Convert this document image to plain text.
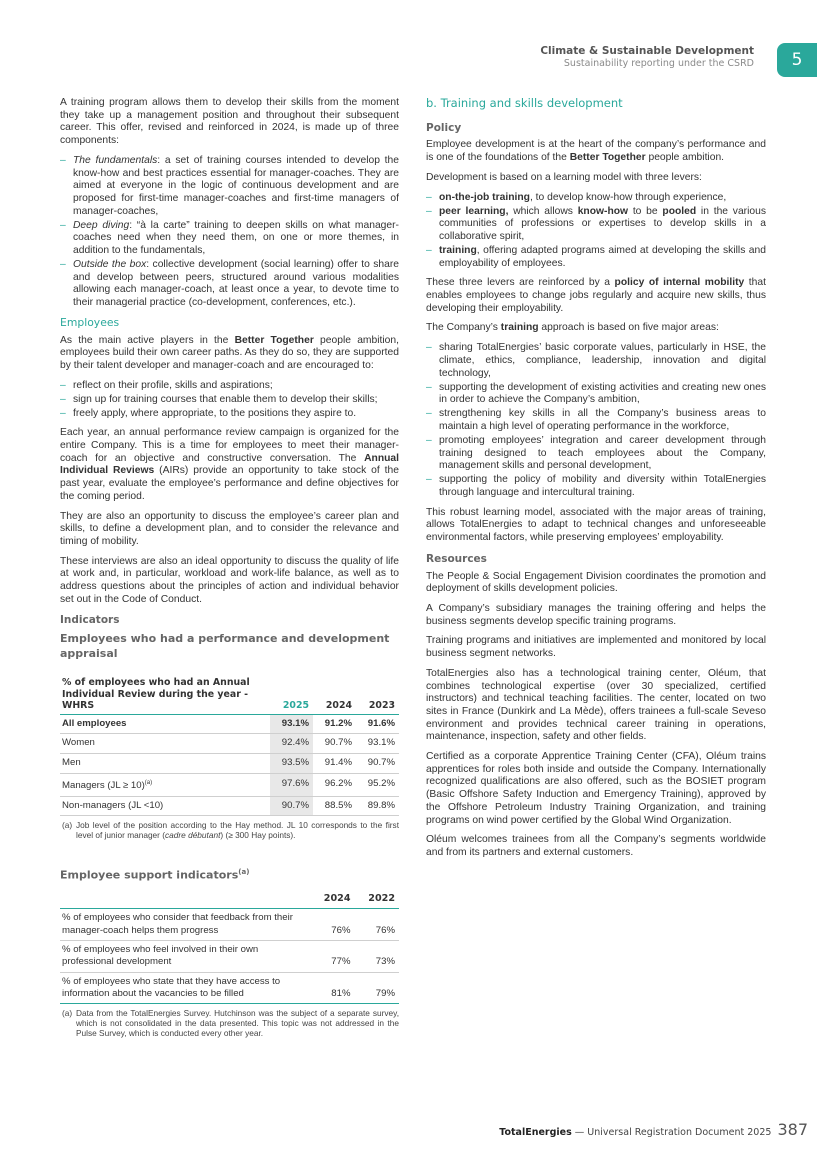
Climate & Sustainable Development
Sustainability reporting under the CSRD	5

A training program allows them to develop their skills from the moment they take up a management position and throughout their subsequent career. This offer, revised and reinforced in 2024, is made up of three components:

– The fundamentals: a set of training courses intended to develop the know-how and best practices essential for manager-coaches. They are aimed at everyone in the logic of continuous development and are proposed for first-time manager-coaches and first-time managers of manager-coaches,
– Deep diving: “à la carte” training to deepen skills on what manager-coaches need when they need them, on one or more themes, in addition to the fundamentals,
– Outside the box: collective development (social learning) offer to share and develop between peers, structured around various modalities allowing each manager-coach, at least once a year, to devote time to their managerial practice (co-development, conferences, etc.).
Employees

As the main active players in the Better Together people ambition, employees build their own career paths. As they do so, they are supported by their talent developer and manager-coach and are encouraged to:

– reflect on their profile, skills and aspirations;
– sign up for training courses that enable them to develop their skills;
– freely apply, where appropriate, to the positions they aspire to.

Each year, an annual performance review campaign is organized for the entire Company. This is a time for employees to meet their manager-coach for an objective and constructive conversation. The Annual Individual Reviews (AIRs) provide an opportunity to take stock of the past year, evaluate the employee’s performance and define objectives for the coming period.

They are also an opportunity to discuss the employee’s career plan and skills, to define a development plan, and to consider the relevance and timing of mobility.

These interviews are also an ideal opportunity to discuss the quality of life at work and, in particular, workload and work-life balance, as well as to address questions about the principles of action and individual behavior set out in the Code of Conduct.

Indicators
Employees who had a performance and development appraisal
% of employees who had an Annual Individual Review during the year - WHRS	2025	2024	2023
All employees	93.1%	91.2%	91.6%
Women	92.4%	90.7%	93.1%
Men	93.5%	91.4%	90.7%
Managers (JL ≥ 10)$^{(a)}$	97.6%	96.2%	95.2%
Non-managers (JL <10)	90.7%	88.5%	89.8%
(a) Job level of the position according to the Hay method. JL 10 corresponds to the first level of junior manager (cadre débutant) (≥ 300 Hay points).
Employee support indicators$^{(a)}$
	2024	2022
% of employees who consider that feedback from their manager-coach helps them progress	76%	76%
% of employees who feel involved in their own professional development	77%	73%
% of employees who state that they have access to information about the vacancies to be filled	81%	79%
(a) Data from the TotalEnergies Survey. Hutchinson was the subject of a separate survey, which is not consolidated in the data presented. This topic was not addressed in the Pulse Survey, which is conducted every other year.
b. Training and skills development
Policy

Employee development is at the heart of the company’s performance and is one of the foundations of the Better Together people ambition.

Development is based on a learning model with three levers:

– on-the-job training, to develop know-how through experience,
– peer learning, which allows know-how to be pooled in the various communities of professions or expertises to develop skills in a collaborative spirit,
– training, offering adapted programs aimed at developing the skills and employability of employees.

These three levers are reinforced by a policy of internal mobility that enables employees to change jobs regularly and acquire new skills, thus developing their employability.

The Company’s training approach is based on five major areas:

– sharing TotalEnergies’ basic corporate values, particularly in HSE, the climate, ethics, compliance, leadership, innovation and digital technology,
– supporting the development of existing activities and creating new ones in order to achieve the Company’s ambition,
– strengthening key skills in all the Company’s business areas to maintain a high level of operating performance in the workforce,
– promoting employees’ integration and career development through training designed to teach employees about the Company, management skills and personal development,
– supporting the policy of mobility and diversity within TotalEnergies through language and intercultural training.

This robust learning model, associated with the major areas of training, allows TotalEnergies to adapt to technical changes and unforeseeable environmental factors, while preserving employees’ employability.

Resources

The People & Social Engagement Division coordinates the promotion and deployment of skills development policies.

A Company’s subsidiary manages the training offering and helps the business segments develop specific training programs.

Training programs and initiatives are implemented and monitored by local business segment networks.

TotalEnergies also has a technological training center, Oléum, that combines technological expertise (over 30 specialized, certified instructors) and technical teaching facilities. The center, located on two sites in France (Dunkirk and La Mède), offers trainees a full-scale Seveso environment and provides technical career training in operations, maintenance, inspection, safety and other fields.

Certified as a corporate Apprentice Training Center (CFA), Oléum trains apprentices for roles both inside and outside the Company. Internationally recognized qualifications are also offered, such as the BOSIET program (Basic Offshore Safety Induction and Emergency Training), approved by the Offshore Petroleum Industry Training Organization, and training programs on wind power certified by the Global Wind Organization.

Oléum welcomes trainees from all the Company’s segments worldwide and from its partners and external customers.

TotalEnergies — Universal Registration Document 2025 387
